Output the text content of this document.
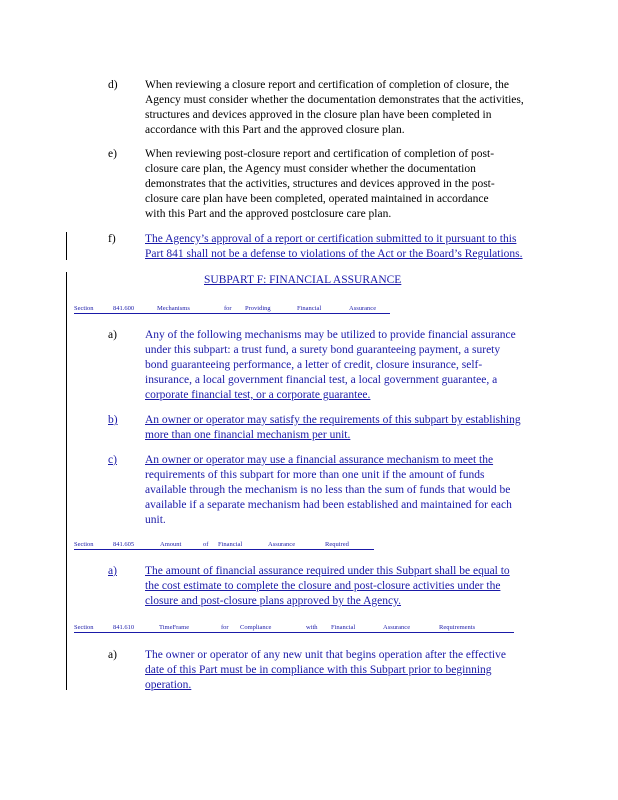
d) When reviewing a closure report and certification of completion of closure, the
Agency must consider whether the documentation demonstrates that the activities,
structures and devices approved in the closure plan have been completed in
accordance with this Part and the approved closure plan.
e) When reviewing post-closure report and certification of completion of post-
closure care plan, the Agency must consider whether the documentation
demonstrates that the activities, structures and devices approved in the post-
closure care plan have been completed, operated maintained in accordance
with this Part and the approved postclosure care plan.
f)	The Agency’s approval of a report or certification submitted to it pursuant to this
Part 841 shall not be a defense to violations of the Act or the Board’s Regulations.
SUBPART F: FINANCIAL ASSURANCE
Section	841.600	Mechanisms	for Providing	Financial	Assurance
a) Any of the following mechanisms may be utilized to provide financial assurance
under this subpart: a trust fund, a surety bond guaranteeing payment, a surety
bond guaranteeing performance, a letter of credit, closure insurance, self-
insurance, a local government financial test, a local government guarantee, a
corporate financial test, or a corporate guarantee.
b) An owner or operator may satisfy the requirements of this subpart by establishing
more than one financial mechanism per unit.
c) An owner or operator may use a financial assurance mechanism to meet the
requirements of this subpart for more than one unit if the amount of funds
available through the mechanism is no less than the sum of funds that would be
available if a separate mechanism had been established and maintained for each
unit.
Section	841.605	Amount	of Financial	Assurance	Required
a) The amount of financial assurance required under this Subpart shall be equal to
the cost estimate to complete the closure and post-closure activities under the
closure and post-closure plans approved by the Agency.
Section	841.610	TimeFrame	for Compliance	with Financial	Assurance	Requirements
a) The owner or operator of any new unit that begins operation after the effective
date of this Part must be in compliance with this Subpart prior to beginning
operation.
